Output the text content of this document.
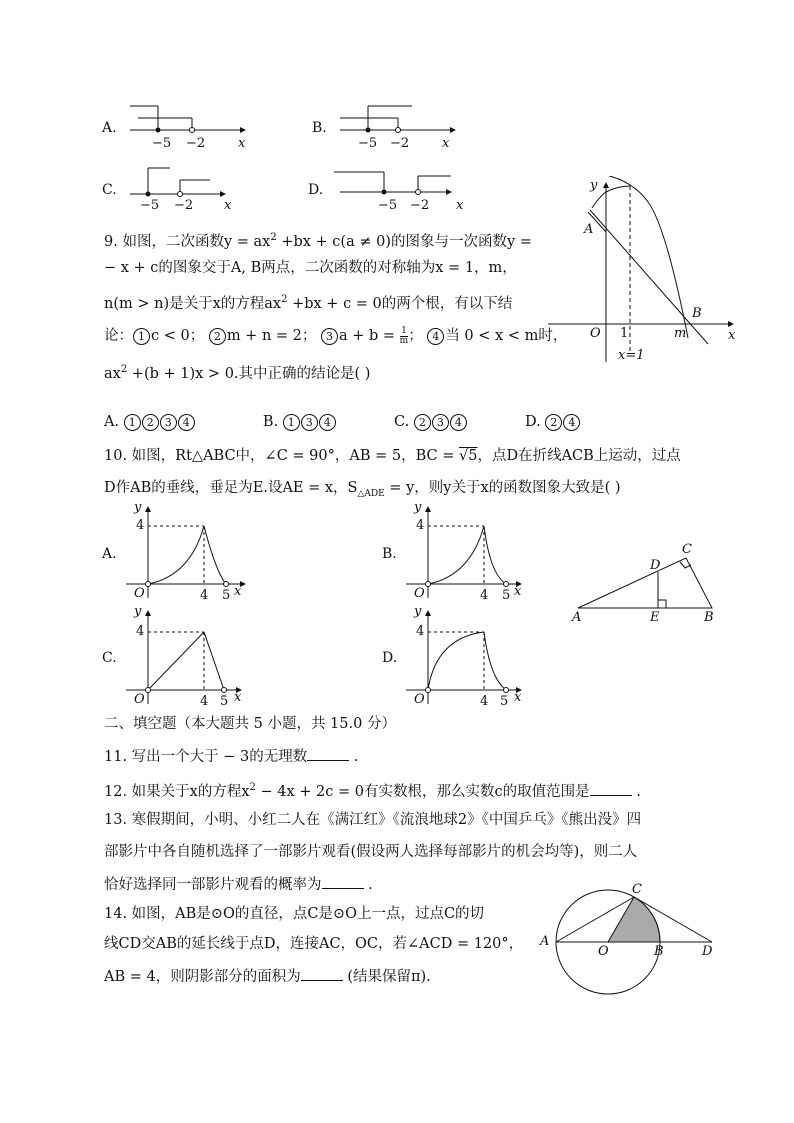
A.
−5 −2	x
B.
−5 −2	x
C.
−5 −2 x
D.
−5 −2 x
9. 如图，二次函数$y = ax^2 +bx + c(a \ne 0)$的图象与一次函数y =
− x + c的图象交于A, B两点，二次函数的对称轴为x = 1，m，
n(m > n)是关于x的方程$ax^2 +bx + c = 0$的两个根，有以下结
论： 1 c < 0； 2 m + n = 2； 3 $a + b = \frac{1}{m}$ ； 4 当 0 < x < m时，
$ax^2 +(b + 1)x > 0$.其中正确的结论是( )
y
A
B
O 1	m	x
x=1
A. 1 2 3 4	B. 1 3 4	C. 2 3 4	D. 2 4
10. 如图，Rt△ABC中，∠C = 90°，AB = 5，BC = √5，点D在折线ACB上运动，过点
D作AB的垂线，垂足为E.设AE = x，$S_{\triangle ADE} = y$，则y关于x的函数图象大致是( )
A.
y
4
O	4 5 x
B.
y
4
O	4 5 x
C.
y
4
O	4 5 x
D.
y
4
O	4 5 x
A	B
C
D
E
二、填空题（本大题共 5 小题，共 15.0 分）
11. 写出一个大于 − 3的无理数	.
12. 如果关于x的方程$x^2 - 4x + 2c = 0$有实数根，那么实数c的取值范围是	.
13. 寒假期间，小明、小红二人在《满江红》《流浪地球2》《中国乒乓》《熊出没》四
部影片中各自随机选择了一部影片观看(假设两人选择每部影片的机会均等)，则二人
恰好选择同一部影片观看的概率为	.
14. 如图，AB是⊙O的直径，点C是⊙O上一点，过点C的切
线CD交AB的延长线于点D，连接AC，OC，若∠ACD = 120°，
AB = 4，则阴影部分的面积为	(结果保留π).
A
O	B
C
D
